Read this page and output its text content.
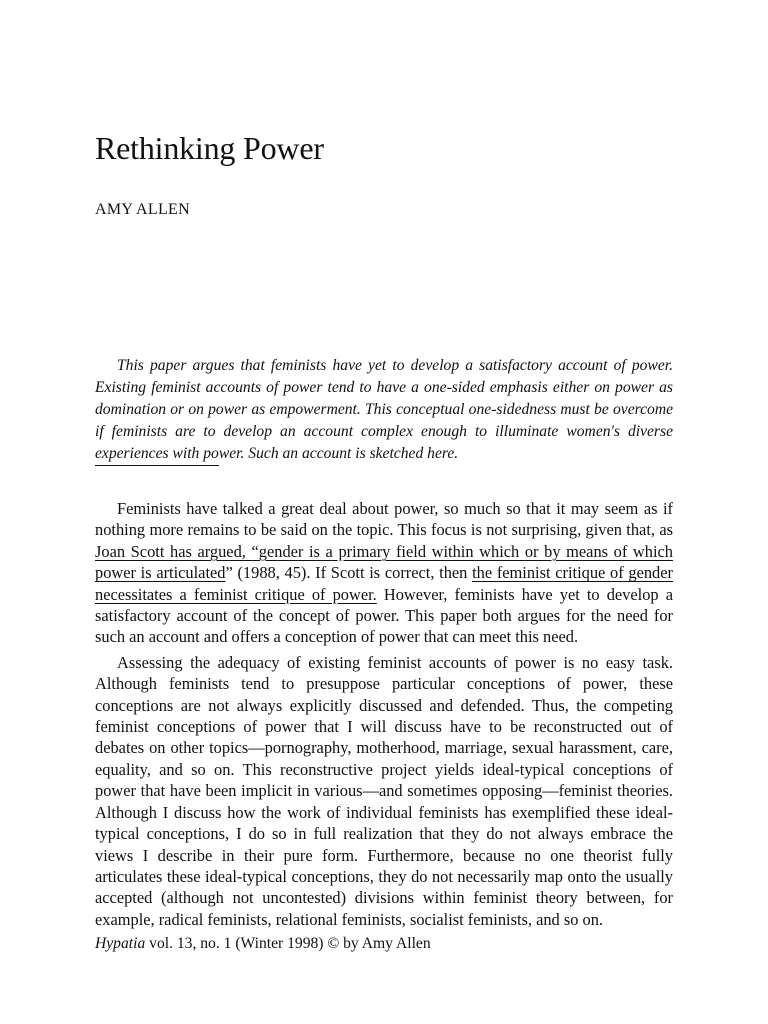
Rethinking Power
AMY ALLEN

This paper argues that feminists have yet to develop a satisfactory account of power. Existing feminist accounts of power tend to have a one-sided emphasis either on power as domination or on power as empowerment. This conceptual one-sidedness must be overcome if feminists are to develop an account complex enough to illuminate women's diverse experiences with power. Such an account is sketched here.

Feminists have talked a great deal about power, so much so that it may seem as if nothing more remains to be said on the topic. This focus is not surprising, given that, as Joan Scott has argued, “gender is a primary field within which or by means of which power is articulated” (1988, 45). If Scott is correct, then the feminist critique of gender necessitates a feminist critique of power. However, feminists have yet to develop a satisfactory account of the concept of power. This paper both argues for the need for such an account and offers a conception of power that can meet this need.

Assessing the adequacy of existing feminist accounts of power is no easy task. Although feminists tend to presuppose particular conceptions of power, these conceptions are not always explicitly discussed and defended. Thus, the competing feminist conceptions of power that I will discuss have to be reconstructed out of debates on other topics—pornography, motherhood, marriage, sexual harassment, care, equality, and so on. This reconstructive project yields ideal-typical conceptions of power that have been implicit in various—and sometimes opposing—feminist theories. Although I discuss how the work of individual feminists has exemplified these ideal-typical conceptions, I do so in full realization that they do not always embrace the views I describe in their pure form. Furthermore, because no one theorist fully articulates these ideal-typical conceptions, they do not necessarily map onto the usually accepted (although not uncontested) divisions within feminist theory between, for example, radical feminists, relational feminists, socialist feminists, and so on.

Hypatia vol. 13, no. 1 (Winter 1998) © by Amy Allen
